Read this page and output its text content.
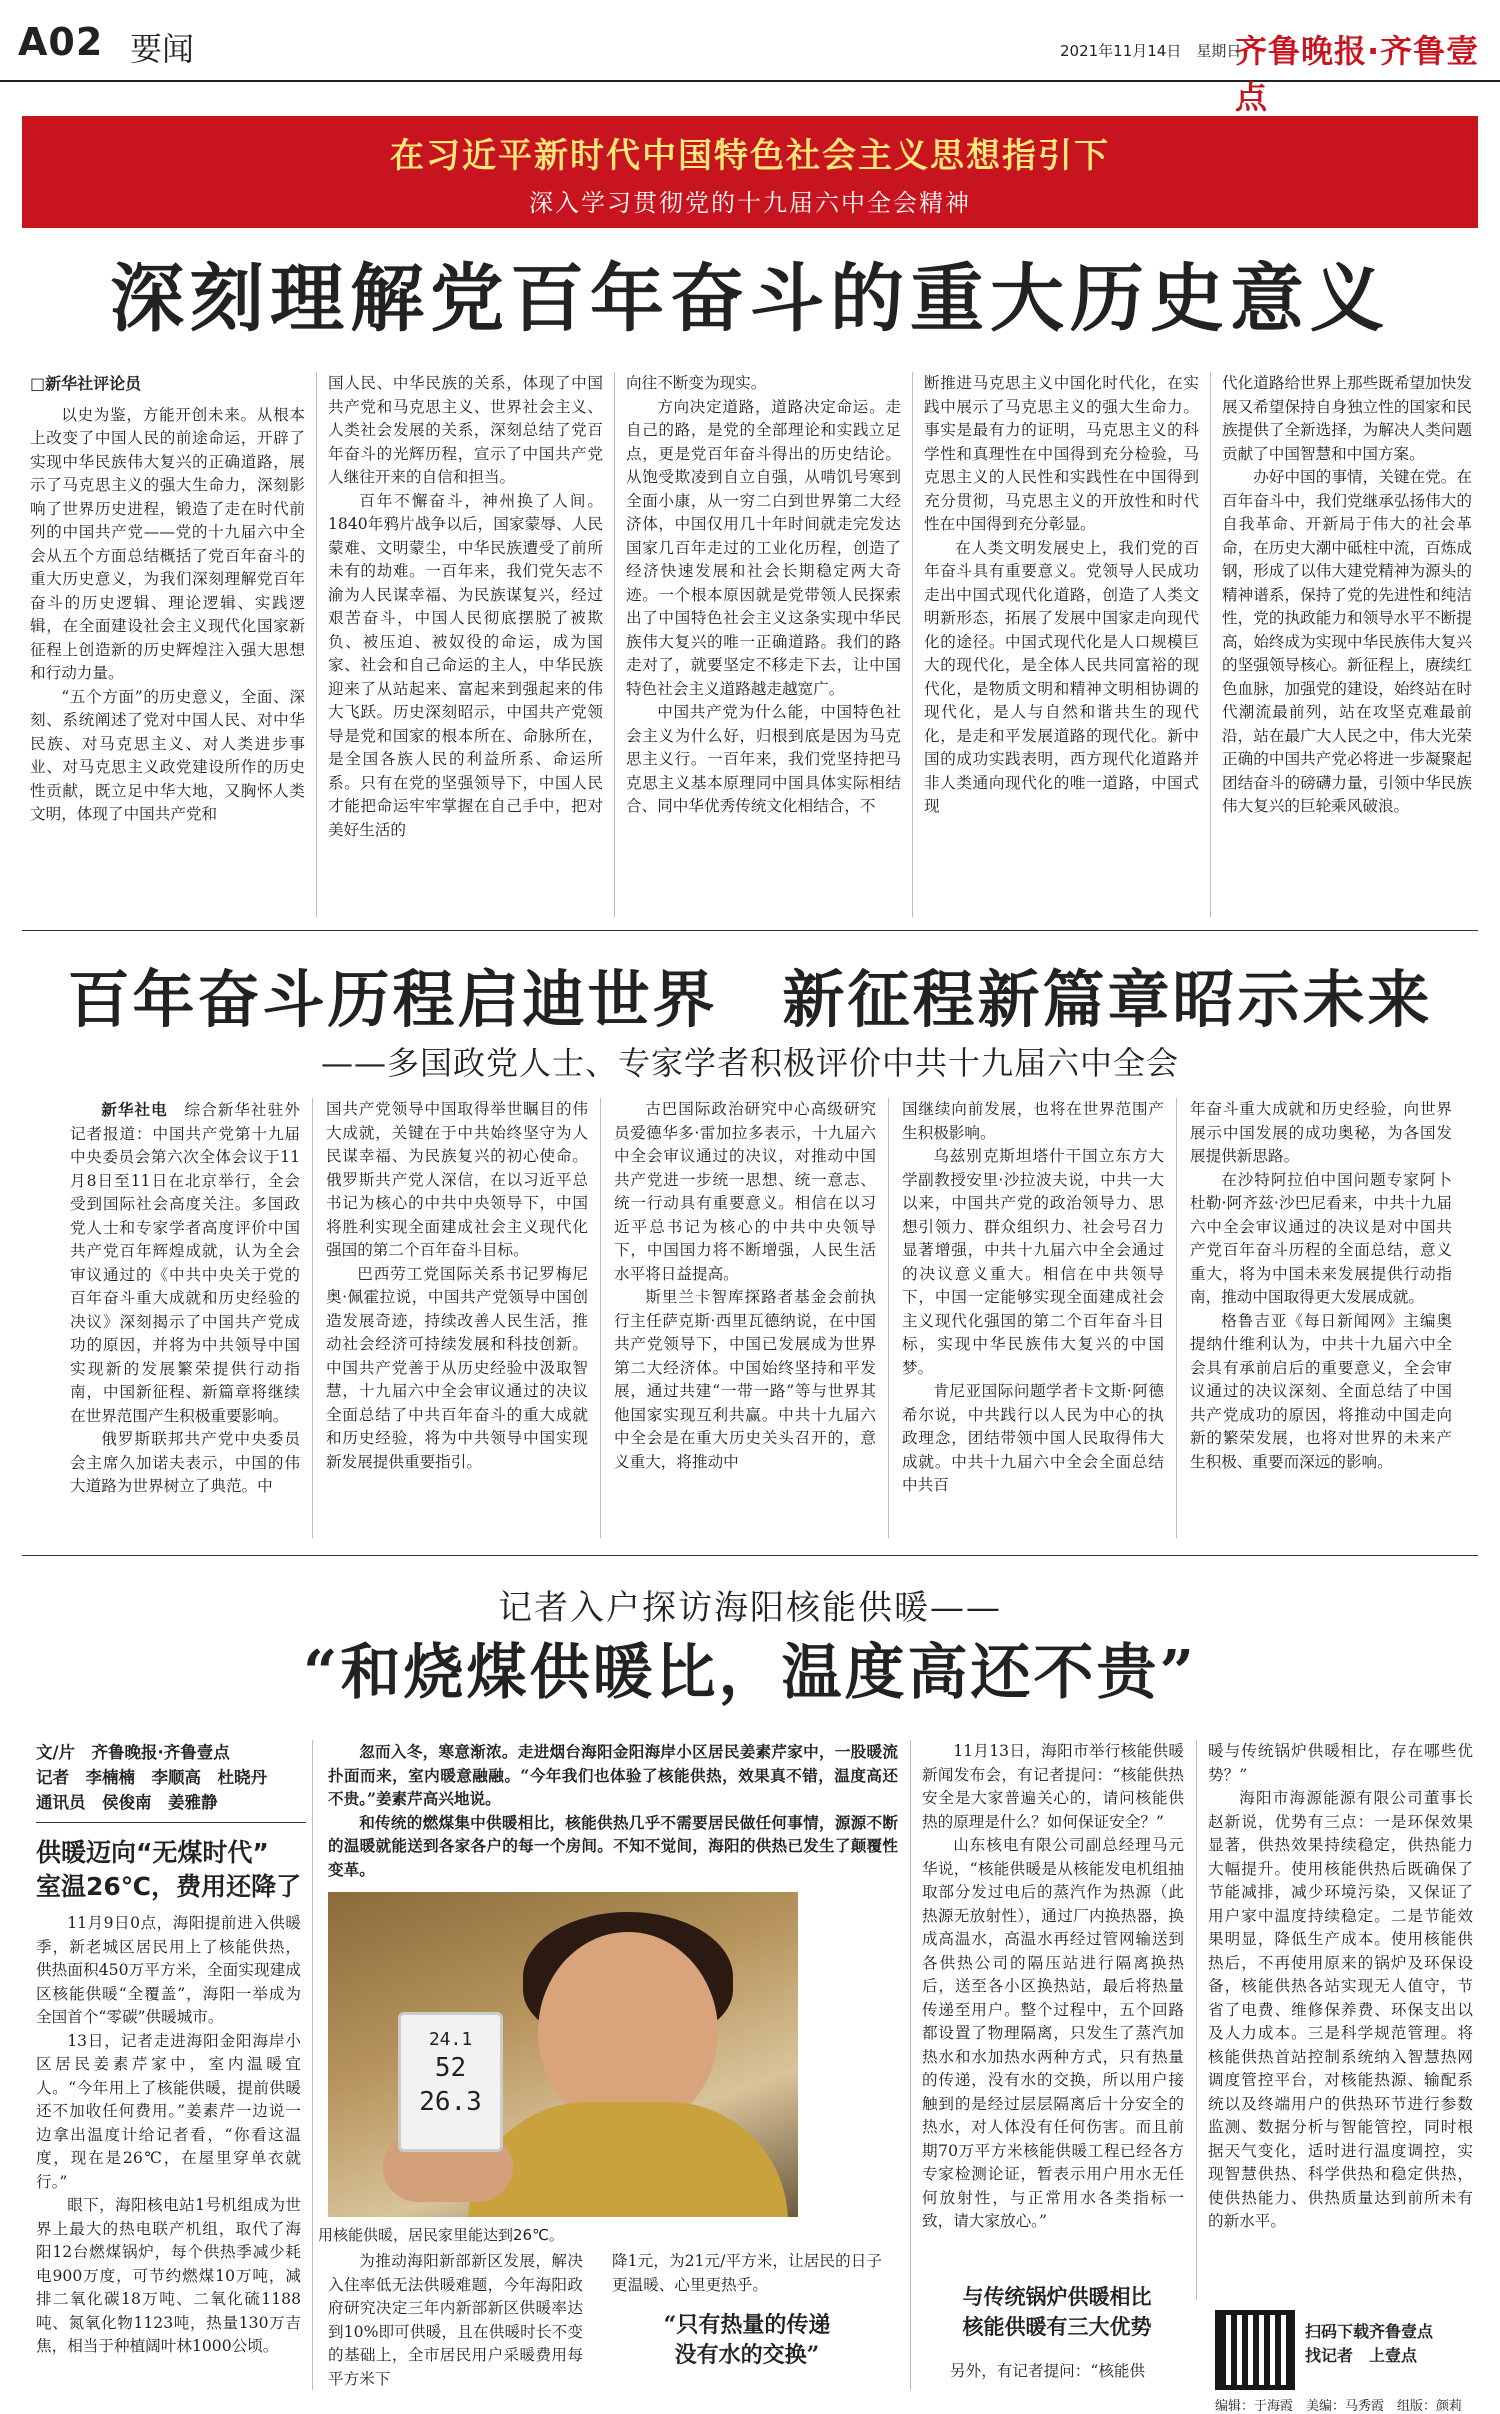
A02 要闻	2021年11月14日　星期日
齐鲁晚报·齐鲁壹点
在习近平新时代中国特色社会主义思想指引下
深入学习贯彻党的十九届六中全会精神
深刻理解党百年奋斗的重大历史意义
□新华社评论员

以史为鉴，方能开创未来。从根本上改变了中国人民的前途命运，开辟了实现中华民族伟大复兴的正确道路，展示了马克思主义的强大生命力，深刻影响了世界历史进程，锻造了走在时代前列的中国共产党——党的十九届六中全会从五个方面总结概括了党百年奋斗的重大历史意义，为我们深刻理解党百年奋斗的历史逻辑、理论逻辑、实践逻辑，在全面建设社会主义现代化国家新征程上创造新的历史辉煌注入强大思想和行动力量。

“五个方面”的历史意义，全面、深刻、系统阐述了党对中国人民、对中华民族、对马克思主义、对人类进步事业、对马克思主义政党建设所作的历史性贡献，既立足中华大地，又胸怀人类文明，体现了中国共产党和

国人民、中华民族的关系，体现了中国共产党和马克思主义、世界社会主义、人类社会发展的关系，深刻总结了党百年奋斗的光辉历程，宣示了中国共产党人继往开来的自信和担当。

百年不懈奋斗，神州换了人间。1840年鸦片战争以后，国家蒙辱、人民蒙难、文明蒙尘，中华民族遭受了前所未有的劫难。一百年来，我们党矢志不渝为人民谋幸福、为民族谋复兴，经过艰苦奋斗，中国人民彻底摆脱了被欺负、被压迫、被奴役的命运，成为国家、社会和自己命运的主人，中华民族迎来了从站起来、富起来到强起来的伟大飞跃。历史深刻昭示，中国共产党领导是党和国家的根本所在、命脉所在，是全国各族人民的利益所系、命运所系。只有在党的坚强领导下，中国人民才能把命运牢牢掌握在自己手中，把对美好生活的

向往不断变为现实。

方向决定道路，道路决定命运。走自己的路，是党的全部理论和实践立足点，更是党百年奋斗得出的历史结论。从饱受欺凌到自立自强，从啃饥号寒到全面小康，从一穷二白到世界第二大经济体，中国仅用几十年时间就走完发达国家几百年走过的工业化历程，创造了经济快速发展和社会长期稳定两大奇迹。一个根本原因就是党带领人民探索出了中国特色社会主义这条实现中华民族伟大复兴的唯一正确道路。我们的路走对了，就要坚定不移走下去，让中国特色社会主义道路越走越宽广。

中国共产党为什么能，中国特色社会主义为什么好，归根到底是因为马克思主义行。一百年来，我们党坚持把马克思主义基本原理同中国具体实际相结合、同中华优秀传统文化相结合，不

断推进马克思主义中国化时代化，在实践中展示了马克思主义的强大生命力。事实是最有力的证明，马克思主义的科学性和真理性在中国得到充分检验，马克思主义的人民性和实践性在中国得到充分贯彻，马克思主义的开放性和时代性在中国得到充分彰显。

在人类文明发展史上，我们党的百年奋斗具有重要意义。党领导人民成功走出中国式现代化道路，创造了人类文明新形态，拓展了发展中国家走向现代化的途径。中国式现代化是人口规模巨大的现代化，是全体人民共同富裕的现代化，是物质文明和精神文明相协调的现代化，是人与自然和谐共生的现代化，是走和平发展道路的现代化。新中国的成功实践表明，西方现代化道路并非人类通向现代化的唯一道路，中国式现

代化道路给世界上那些既希望加快发展又希望保持自身独立性的国家和民族提供了全新选择，为解决人类问题贡献了中国智慧和中国方案。

办好中国的事情，关键在党。在百年奋斗中，我们党继承弘扬伟大的自我革命、开新局于伟大的社会革命，在历史大潮中砥柱中流，百炼成钢，形成了以伟大建党精神为源头的精神谱系，保持了党的先进性和纯洁性，党的执政能力和领导水平不断提高，始终成为实现中华民族伟大复兴的坚强领导核心。新征程上，赓续红色血脉，加强党的建设，始终站在时代潮流最前列，站在攻坚克难最前沿，站在最广大人民之中，伟大光荣正确的中国共产党必将进一步凝聚起团结奋斗的磅礴力量，引领中华民族伟大复兴的巨轮乘风破浪。

百年奋斗历程启迪世界　新征程新篇章昭示未来
——多国政党人士、专家学者积极评价中共十九届六中全会

新华社电　 综合新华社驻外记者报道：中国共产党第十九届中央委员会第六次全体会议于11月8日至11日在北京举行，全会受到国际社会高度关注。多国政党人士和专家学者高度评价中国共产党百年辉煌成就，认为全会审议通过的《中共中央关于党的百年奋斗重大成就和历史经验的决议》深刻揭示了中国共产党成功的原因，并将为中共领导中国实现新的发展繁荣提供行动指南，中国新征程、新篇章将继续在世界范围产生积极重要影响。

俄罗斯联邦共产党中央委员会主席久加诺夫表示，中国的伟大道路为世界树立了典范。中

国共产党领导中国取得举世瞩目的伟大成就，关键在于中共始终坚守为人民谋幸福、为民族复兴的初心使命。俄罗斯共产党人深信，在以习近平总书记为核心的中共中央领导下，中国将胜利实现全面建成社会主义现代化强国的第二个百年奋斗目标。

巴西劳工党国际关系书记罗梅尼奥·佩霍拉说，中国共产党领导中国创造发展奇迹，持续改善人民生活，推动社会经济可持续发展和科技创新。中国共产党善于从历史经验中汲取智慧，十九届六中全会审议通过的决议全面总结了中共百年奋斗的重大成就和历史经验，将为中共领导中国实现新发展提供重要指引。

古巴国际政治研究中心高级研究员爱德华多·雷加拉多表示，十九届六中全会审议通过的决议，对推动中国共产党进一步统一思想、统一意志、统一行动具有重要意义。相信在以习近平总书记为核心的中共中央领导下，中国国力将不断增强，人民生活水平将日益提高。

斯里兰卡智库探路者基金会前执行主任萨克斯·西里瓦德纳说，在中国共产党领导下，中国已发展成为世界第二大经济体。中国始终坚持和平发展，通过共建“一带一路”等与世界其他国家实现互利共赢。中共十九届六中全会是在重大历史关头召开的，意义重大，将推动中

国继续向前发展，也将在世界范围产生积极影响。

乌兹别克斯坦塔什干国立东方大学副教授安里·沙拉波夫说，中共一大以来，中国共产党的政治领导力、思想引领力、群众组织力、社会号召力显著增强，中共十九届六中全会通过的决议意义重大。相信在中共领导下，中国一定能够实现全面建成社会主义现代化强国的第二个百年奋斗目标，实现中华民族伟大复兴的中国梦。

肯尼亚国际问题学者卡文斯·阿德希尔说，中共践行以人民为中心的执政理念，团结带领中国人民取得伟大成就。中共十九届六中全会全面总结中共百

年奋斗重大成就和历史经验，向世界展示中国发展的成功奥秘，为各国发展提供新思路。

在沙特阿拉伯中国问题专家阿卜杜勒·阿齐兹·沙巴尼看来，中共十九届六中全会审议通过的决议是对中国共产党百年奋斗历程的全面总结，意义重大，将为中国未来发展提供行动指南，推动中国取得更大发展成就。

格鲁吉亚《每日新闻网》主编奥提纳什维利认为，中共十九届六中全会具有承前启后的重要意义，全会审议通过的决议深刻、全面总结了中国共产党成功的原因，将推动中国走向新的繁荣发展，也将对世界的未来产生积极、重要而深远的影响。

记者入户探访海阳核能供暖——
“和烧煤供暖比，温度高还不贵”
文/片　齐鲁晚报·齐鲁壹点
记者　李楠楠　李顺高　杜晓丹
通讯员　侯俊南　姜雅静
供暖迈向“无煤时代”
室温26℃，费用还降了

11月9日0点，海阳提前进入供暖季，新老城区居民用上了核能供热，供热面积450万平方米，全面实现建成区核能供暖“全覆盖”，海阳一举成为全国首个“零碳”供暖城市。

13日，记者走进海阳金阳海岸小区居民姜素芹家中，室内温暖宜人。“今年用上了核能供暖，提前供暖还不加收任何费用。”姜素芹一边说一边拿出温度计给记者看，“你看这温度，现在是26℃，在屋里穿单衣就行。”

眼下，海阳核电站1号机组成为世界上最大的热电联产机组，取代了海阳12台燃煤锅炉，每个供热季减少耗电900万度，可节约燃煤10万吨，减排二氧化碳18万吨、二氧化硫1188吨、氮氧化物1123吨，热量130万吉焦，相当于种植阔叶林1000公顷。

忽而入冬，寒意渐浓。走进烟台海阳金阳海岸小区居民姜素芹家中，一股暖流扑面而来，室内暖意融融。“今年我们也体验了核能供热，效果真不错，温度高还不贵。”姜素芹高兴地说。

和传统的燃煤集中供暖相比，核能供热几乎不需要居民做任何事情，源源不断的温暖就能送到各家各户的每一个房间。不知不觉间，海阳的供热已发生了颠覆性变革。

24.1
52
26.3
用核能供暖，居民家里能达到26℃。

为推动海阳新部新区发展，解决入住率低无法供暖难题，今年海阳政府研究决定三年内新部新区供暖率达到10%即可供暖，且在供暖时长不变的基础上，全市居民用户采暖费用每平方米下

降1元，为21元/平方米，让居民的日子更温暖、心里更热乎。

“只有热量的传递
没有水的交换”

11月13日，海阳市举行核能供暖新闻发布会，有记者提问：“核能供热安全是大家普遍关心的，请问核能供热的原理是什么？如何保证安全？”

山东核电有限公司副总经理马元华说，“核能供暖是从核能发电机组抽取部分发过电后的蒸汽作为热源（此热源无放射性），通过厂内换热器，换成高温水，高温水再经过管网输送到各供热公司的隔压站进行隔离换热后，送至各小区换热站，最后将热量传递至用户。整个过程中，五个回路都设置了物理隔离，只发生了蒸汽加热水和水加热水两种方式，只有热量的传递，没有水的交换，所以用户接触到的是经过层层隔离后十分安全的热水，对人体没有任何伤害。而且前期70万平方米核能供暖工程已经各方专家检测论证，暂表示用户用水无任何放射性，与正常用水各类指标一致，请大家放心。”

与传统锅炉供暖相比
核能供暖有三大优势

另外，有记者提问：“核能供

暖与传统锅炉供暖相比，存在哪些优势？”

海阳市海源能源有限公司董事长赵新说，优势有三点：一是环保效果显著，供热效果持续稳定，供热能力大幅提升。使用核能供热后既确保了节能减排，减少环境污染，又保证了用户家中温度持续稳定。二是节能效果明显，降低生产成本。使用核能供热后，不再使用原来的锅炉及环保设备，核能供热各站实现无人值守，节省了电费、维修保养费、环保支出以及人力成本。三是科学规范管理。将核能供热首站控制系统纳入智慧热网调度管控平台，对核能热源、输配系统以及终端用户的供热环节进行参数监测、数据分析与智能管控，同时根据天气变化，适时进行温度调控，实现智慧供热、科学供热和稳定供热，使供热能力、供热质量达到前所未有的新水平。

扫码下载齐鲁壹点
找记者　上壹点
编辑：于海霞　美编：马秀霞　组版：颜莉
